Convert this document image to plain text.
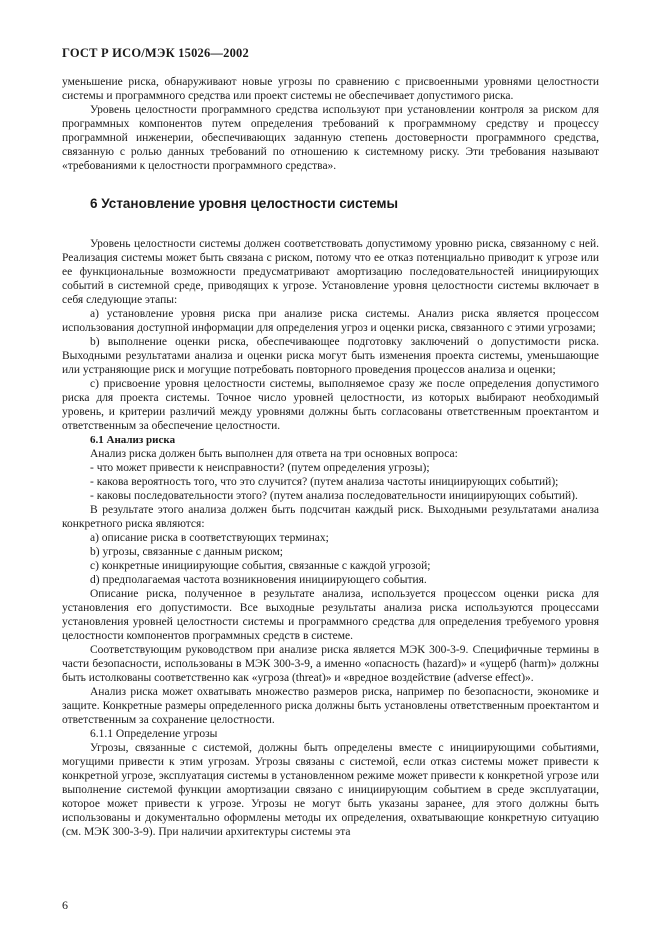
ГОСТ Р ИСО/МЭК 15026—2002

уменьшение риска, обнаруживают новые угрозы по сравнению с присвоенными уровнями целостности системы и программного средства или проект системы не обеспечивает допустимого риска.

Уровень целостности программного средства используют при установлении контроля за риском для программных компонентов путем определения требований к программному средству и процессу программной инженерии, обеспечивающих заданную степень достоверности программного средства, связанную с ролью данных требований по отношению к системному риску. Эти требования называют «требованиями к целостности программного средства».

6 Установление уровня целостности системы

Уровень целостности системы должен соответствовать допустимому уровню риска, связанному с ней. Реализация системы может быть связана с риском, потому что ее отказ потенциально приводит к угрозе или ее функциональные возможности предусматривают амортизацию последовательностей инициирующих событий в системной среде, приводящих к угрозе. Установление уровня целостности системы включает в себя следующие этапы:

a) установление уровня риска при анализе риска системы. Анализ риска является процессом использования доступной информации для определения угроз и оценки риска, связанного с этими угрозами;

b) выполнение оценки риска, обеспечивающее подготовку заключений о допустимости риска. Выходными результатами анализа и оценки риска могут быть изменения проекта системы, уменьшающие или устраняющие риск и могущие потребовать повторного проведения процессов анализа и оценки;

c) присвоение уровня целостности системы, выполняемое сразу же после определения допустимого риска для проекта системы. Точное число уровней целостности, из которых выбирают необходимый уровень, и критерии различий между уровнями должны быть согласованы ответственным проектантом и ответственным за обеспечение целостности.

6.1 Анализ риска

Анализ риска должен быть выполнен для ответа на три основных вопроса:

- что может привести к неисправности? (путем определения угрозы);

- какова вероятность того, что это случится? (путем анализа частоты инициирующих событий);

- каковы последовательности этого? (путем анализа последовательности инициирующих событий).

В результате этого анализа должен быть подсчитан каждый риск. Выходными результатами анализа конкретного риска являются:

a) описание риска в соответствующих терминах;

b) угрозы, связанные с данным риском;

c) конкретные инициирующие события, связанные с каждой угрозой;

d) предполагаемая частота возникновения инициирующего события.

Описание риска, полученное в результате анализа, используется процессом оценки риска для установления его допустимости. Все выходные результаты анализа риска используются процессами установления уровней целостности системы и программного средства для определения требуемого уровня целостности компонентов программных средств в системе.

Соответствующим руководством при анализе риска является МЭК 300-3-9. Специфичные термины в части безопасности, использованы в МЭК 300-3-9, а именно «опасность (hazard)» и «ущерб (harm)» должны быть истолкованы соответственно как «угроза (threat)» и «вредное воздействие (adverse effect)».

Анализ риска может охватывать множество размеров риска, например по безопасности, экономике и защите. Конкретные размеры определенного риска должны быть установлены ответственным проектантом и ответственным за сохранение целостности.

6.1.1 Определение угрозы

Угрозы, связанные с системой, должны быть определены вместе с инициирующими событиями, могущими привести к этим угрозам. Угрозы связаны с системой, если отказ системы может привести к конкретной угрозе, эксплуатация системы в установленном режиме может привести к конкретной угрозе или выполнение системой функции амортизации связано с инициирующим событием в среде эксплуатации, которое может привести к угрозе. Угрозы не могут быть указаны заранее, для этого должны быть использованы и документально оформлены методы их определения, охватывающие конкретную ситуацию (см. МЭК 300-3-9). При наличии архитектуры системы эта

6
